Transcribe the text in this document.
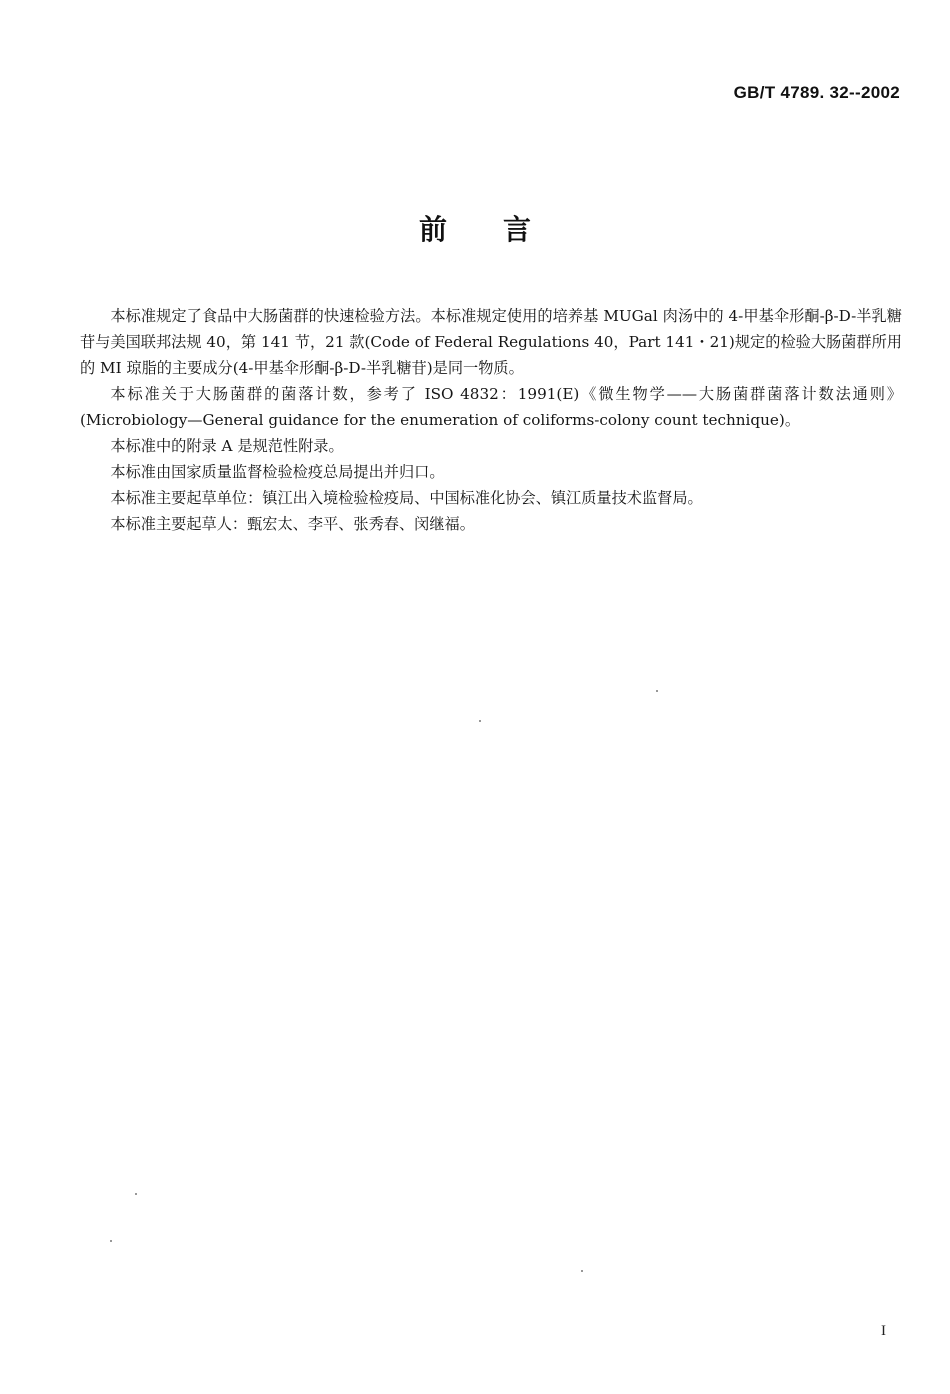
GB/T 4789. 32--2002
前　　言

本标准规定了食品中大肠菌群的快速检验方法。本标准规定使用的培养基 MUGal 肉汤中的 4-甲基伞形酮-β-D-半乳糖苷与美国联邦法规 40，第 141 节，21 款(Code of Federal Regulations 40，Part 141・21)规定的检验大肠菌群所用的 MI 琼脂的主要成分(4-甲基伞形酮-β-D-半乳糖苷)是同一物质。

本标准关于大肠菌群的菌落计数，参考了 ISO 4832：1991(E)《微生物学——大肠菌群菌落计数法通则》(Microbiology—General guidance for the enumeration of coliforms-colony count technique)。

本标准中的附录 A 是规范性附录。

本标准由国家质量监督检验检疫总局提出并归口。

本标准主要起草单位：镇江出入境检验检疫局、中国标准化协会、镇江质量技术监督局。

本标准主要起草人：甄宏太、李平、张秀春、闵继福。

I
